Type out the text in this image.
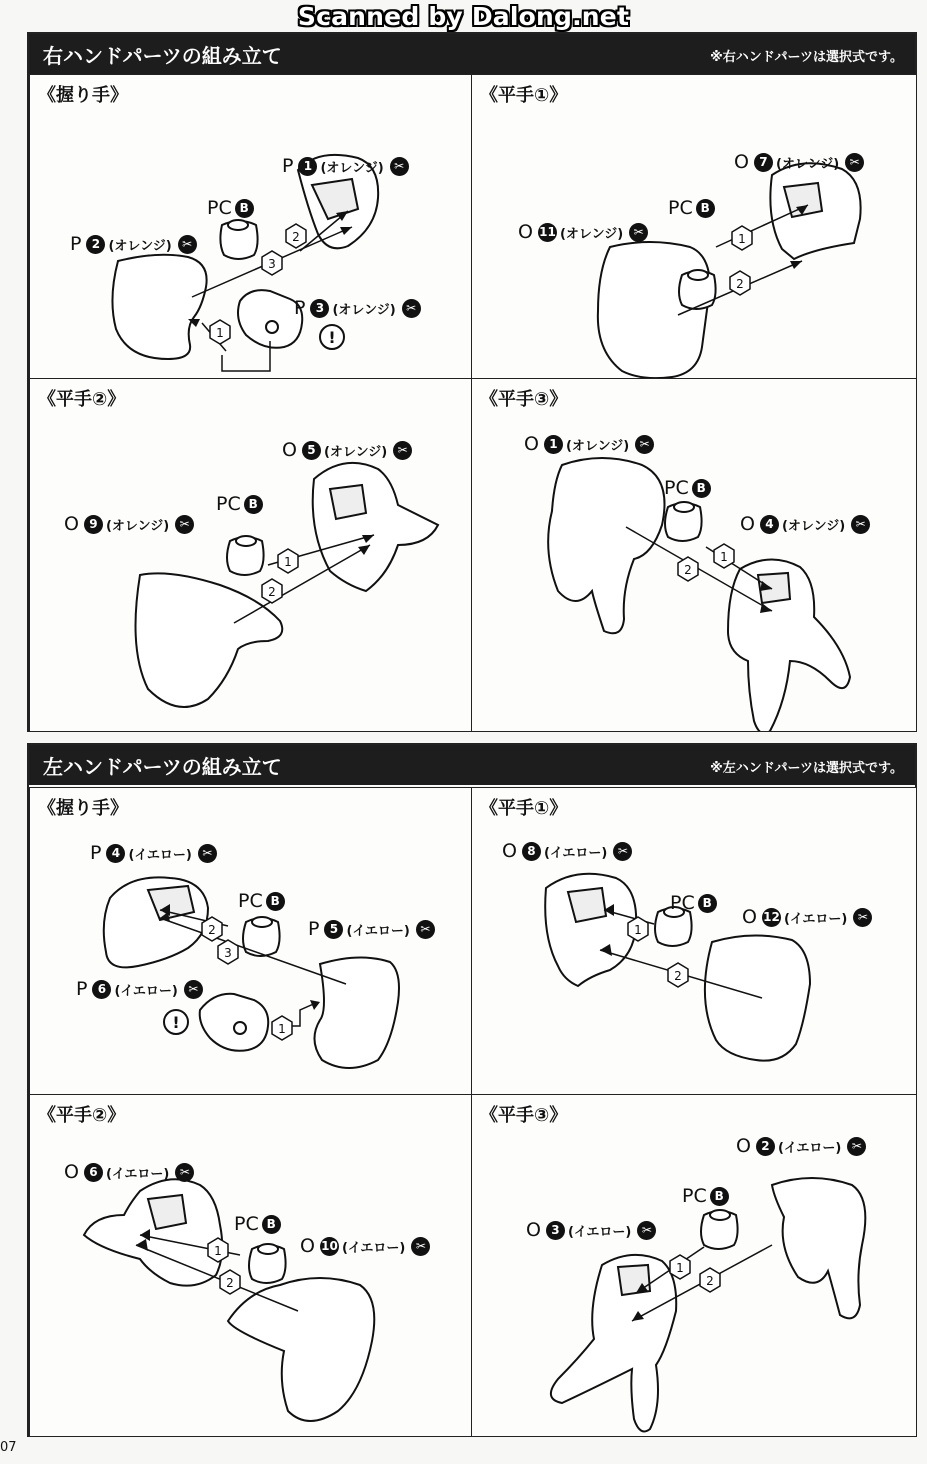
Scanned by Dalong.net
右ハンドパーツの組み立て	※右ハンドパーツは選択式です。
《握り手》
2
3
1	!
P 1 (オレンジ) ✂
P 2 (オレンジ) ✂
P 3 (オレンジ) ✂
PC B
《平手①》
1
2
O 7 (オレンジ) ✂
O 11 (オレンジ) ✂
PC B
《平手②》
1
2
O 5 (オレンジ) ✂
O 9 (オレンジ) ✂
PC B
《平手③》
1
2
O 1 (オレンジ) ✂
O 4 (オレンジ) ✂
PC B
左ハンドパーツの組み立て	※左ハンドパーツは選択式です。
《握り手》
2
3
1
!
P 4 (イエロー) ✂
P 5 (イエロー) ✂
P 6 (イエロー) ✂
PC B
《平手①》
1
2
O 8 (イエロー) ✂
O 12 (イエロー) ✂
PC B
《平手②》
1
2
O 6 (イエロー) ✂
O 10 (イエロー) ✂
PC B
《平手③》
1
2
O 2 (イエロー) ✂
O 3 (イエロー) ✂
PC B
07
